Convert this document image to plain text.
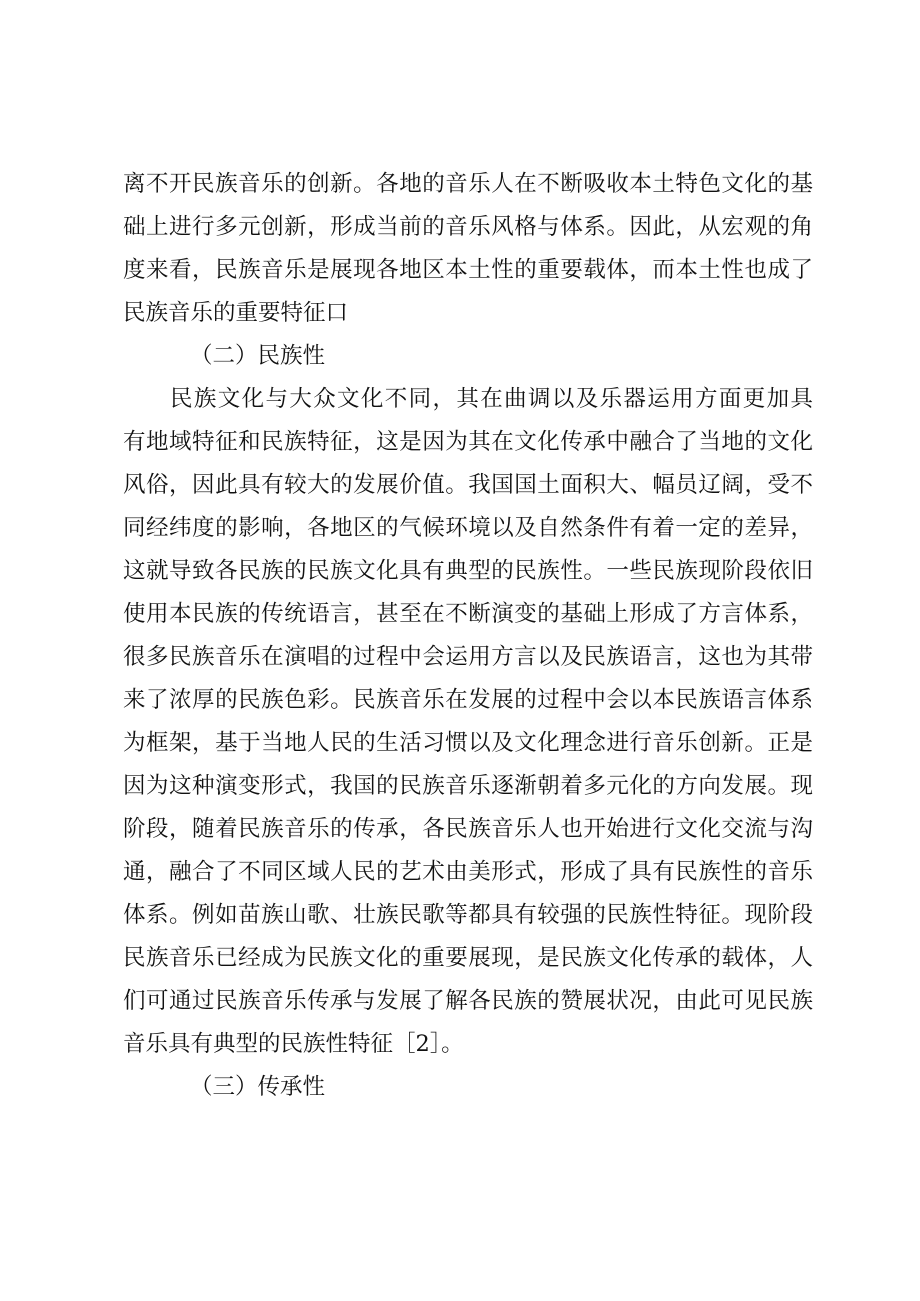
离不开民族音乐的创新。各地的音乐人在不断吸收本土特色文化的基
础上进行多元创新，形成当前的音乐风格与体系。因此，从宏观的角
度来看，民族音乐是展现各地区本土性的重要载体，而本土性也成了
民族音乐的重要特征口
（二）民族性
民族文化与大众文化不同，其在曲调以及乐器运用方面更加具
有地域特征和民族特征，这是因为其在文化传承中融合了当地的文化
风俗，因此具有较大的发展价值。我国国土面积大、幅员辽阔，受不
同经纬度的影响，各地区的气候环境以及自然条件有着一定的差异，
这就导致各民族的民族文化具有典型的民族性。一些民族现阶段依旧
使用本民族的传统语言，甚至在不断演变的基础上形成了方言体系，
很多民族音乐在演唱的过程中会运用方言以及民族语言，这也为其带
来了浓厚的民族色彩。民族音乐在发展的过程中会以本民族语言体系
为框架，基于当地人民的生活习惯以及文化理念进行音乐创新。正是
因为这种演变形式，我国的民族音乐逐渐朝着多元化的方向发展。现
阶段，随着民族音乐的传承，各民族音乐人也开始进行文化交流与沟
通，融合了不同区域人民的艺术由美形式，形成了具有民族性的音乐
体系。例如苗族山歌、壮族民歌等都具有较强的民族性特征。现阶段
民族音乐已经成为民族文化的重要展现，是民族文化传承的载体，人
们可通过民族音乐传承与发展了解各民族的赞展状况，由此可见民族
音乐具有典型的民族性特征［2］。
（三）传承性
